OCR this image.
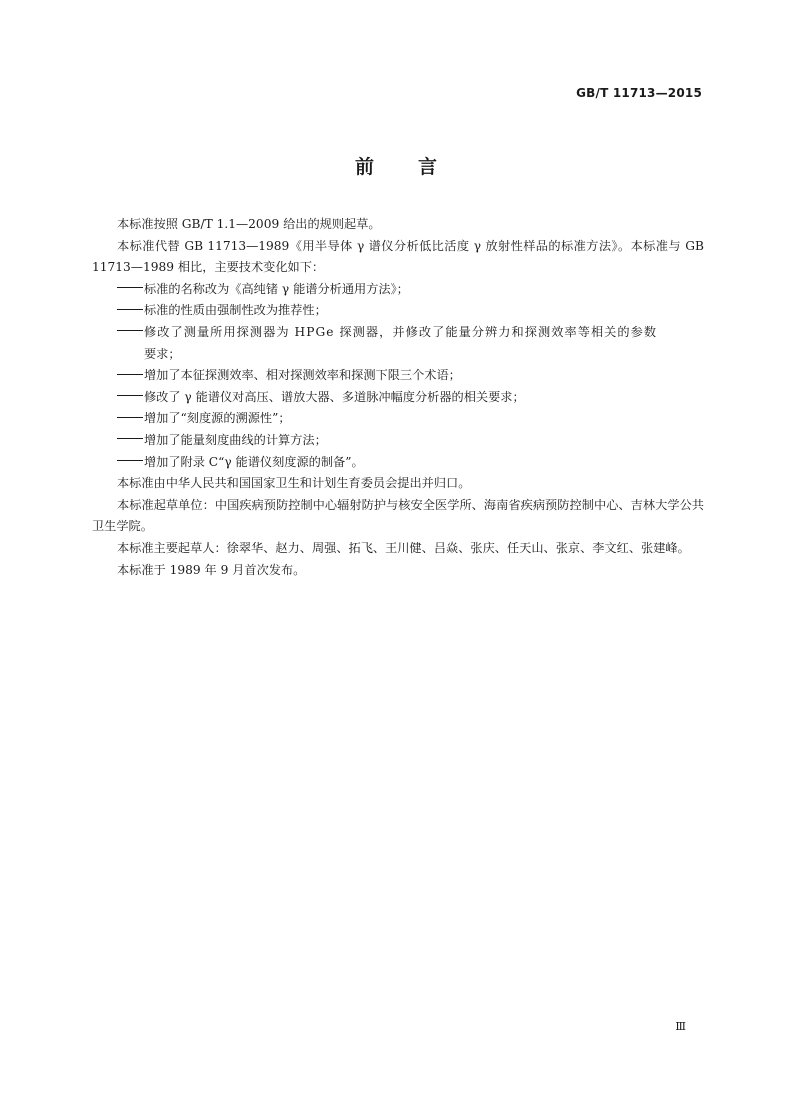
GB/T 11713—2015
前言

本标准按照 GB/T 1.1—2009 给出的规则起草。

本标准代替 GB 11713—1989《用半导体 γ 谱仪分析低比活度 γ 放射性样品的标准方法》。本标准与 GB 11713—1989 相比，主要技术变化如下：

标准的名称改为《高纯锗 γ 能谱分析通用方法》；

标准的性质由强制性改为推荐性；

修改了测量所用探测器为 HPGe 探测器，并修改了能量分辨力和探测效率等相关的参数
要求；

增加了本征探测效率、相对探测效率和探测下限三个术语；

修改了 γ 能谱仪对高压、谱放大器、多道脉冲幅度分析器的相关要求；

增加了“刻度源的溯源性”；

增加了能量刻度曲线的计算方法；

增加了附录 C“γ 能谱仪刻度源的制备”。

本标准由中华人民共和国国家卫生和计划生育委员会提出并归口。

本标准起草单位：中国疾病预防控制中心辐射防护与核安全医学所、海南省疾病预防控制中心、吉林大学公共卫生学院。

本标准主要起草人：徐翠华、赵力、周强、拓飞、王川健、吕焱、张庆、任天山、张京、李文红、张建峰。

本标准于 1989 年 9 月首次发布。

Ⅲ
